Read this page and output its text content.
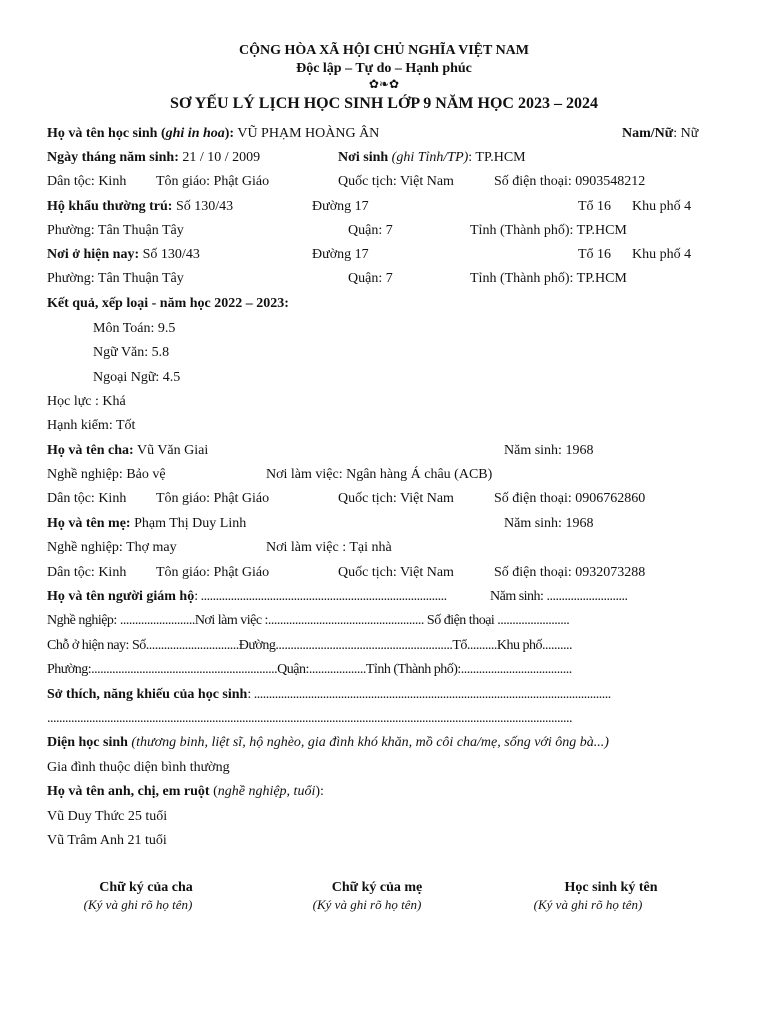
CỘNG HÒA XÃ HỘI CHỦ NGHĨA VIỆT NAM
Độc lập – Tự do – Hạnh phúc
✿❧✿
SƠ YẾU LÝ LỊCH HỌC SINH LỚP 9 NĂM HỌC 2023 – 2024
Họ và tên học sinh (ghi in hoa): VŨ PHẠM HOÀNG ÂN	Nam/Nữ: Nữ
Ngày tháng năm sinh: 21 / 10 / 2009	Nơi sinh (ghi Tỉnh/TP): TP.HCM
Dân tộc: Kinh Tôn giáo: Phật Giáo	Quốc tịch: Việt Nam	Số điện thoại: 0903548212
Hộ khẩu thường trú: Số 130/43	Đường 17	Tổ 16 Khu phố 4
Phường: Tân Thuận Tây	Quận: 7	Tỉnh (Thành phố): TP.HCM
Nơi ở hiện nay: Số 130/43	Đường 17	Tổ 16 Khu phố 4
Phường: Tân Thuận Tây	Quận: 7	Tỉnh (Thành phố): TP.HCM
Kết quả, xếp loại - năm học 2022 – 2023:
Môn Toán: 9.5
Ngữ Văn: 5.8
Ngoại Ngữ: 4.5
Học lực : Khá
Hạnh kiểm: Tốt
Họ và tên cha: Vũ Văn Giai	Năm sinh: 1968
Nghề nghiệp: Bảo vệ	Nơi làm việc: Ngân hàng Á châu (ACB)
Dân tộc: Kinh Tôn giáo: Phật Giáo	Quốc tịch: Việt Nam	Số điện thoại: 0906762860
Họ và tên mẹ: Phạm Thị Duy Linh	Năm sinh: 1968
Nghề nghiệp: Thợ may	Nơi làm việc : Tại nhà
Dân tộc: Kinh Tôn giáo: Phật Giáo	Quốc tịch: Việt Nam	Số điện thoại: 0932073288
Họ và tên người giám hộ: ..................................................................................	Năm sinh: ...........................
Nghề nghiệp: .........................Nơi làm việc :.................................................... Số điện thoại ........................
Chỗ ở hiện nay: Số...............................Đường...........................................................Tổ..........Khu phố..........
Phường:..............................................................Quận:...................Tỉnh (Thành phố):.....................................
Sở thích, năng khiếu của học sinh: .......................................................................................................................
...............................................................................................................................................................................
Diện học sinh (thương binh, liệt sĩ, hộ nghèo, gia đình khó khăn, mồ côi cha/mẹ, sống với ông bà...)
Gia đình thuộc diện bình thường
Họ và tên anh, chị, em ruột (nghề nghiệp, tuổi):
Vũ Duy Thức 25 tuổi
Vũ Trâm Anh 21 tuổi
Chữ ký của cha
(Ký và ghi rõ họ tên)
Chữ ký của mẹ
(Ký và ghi rõ họ tên)
Học sinh ký tên
(Ký và ghi rõ họ tên)
